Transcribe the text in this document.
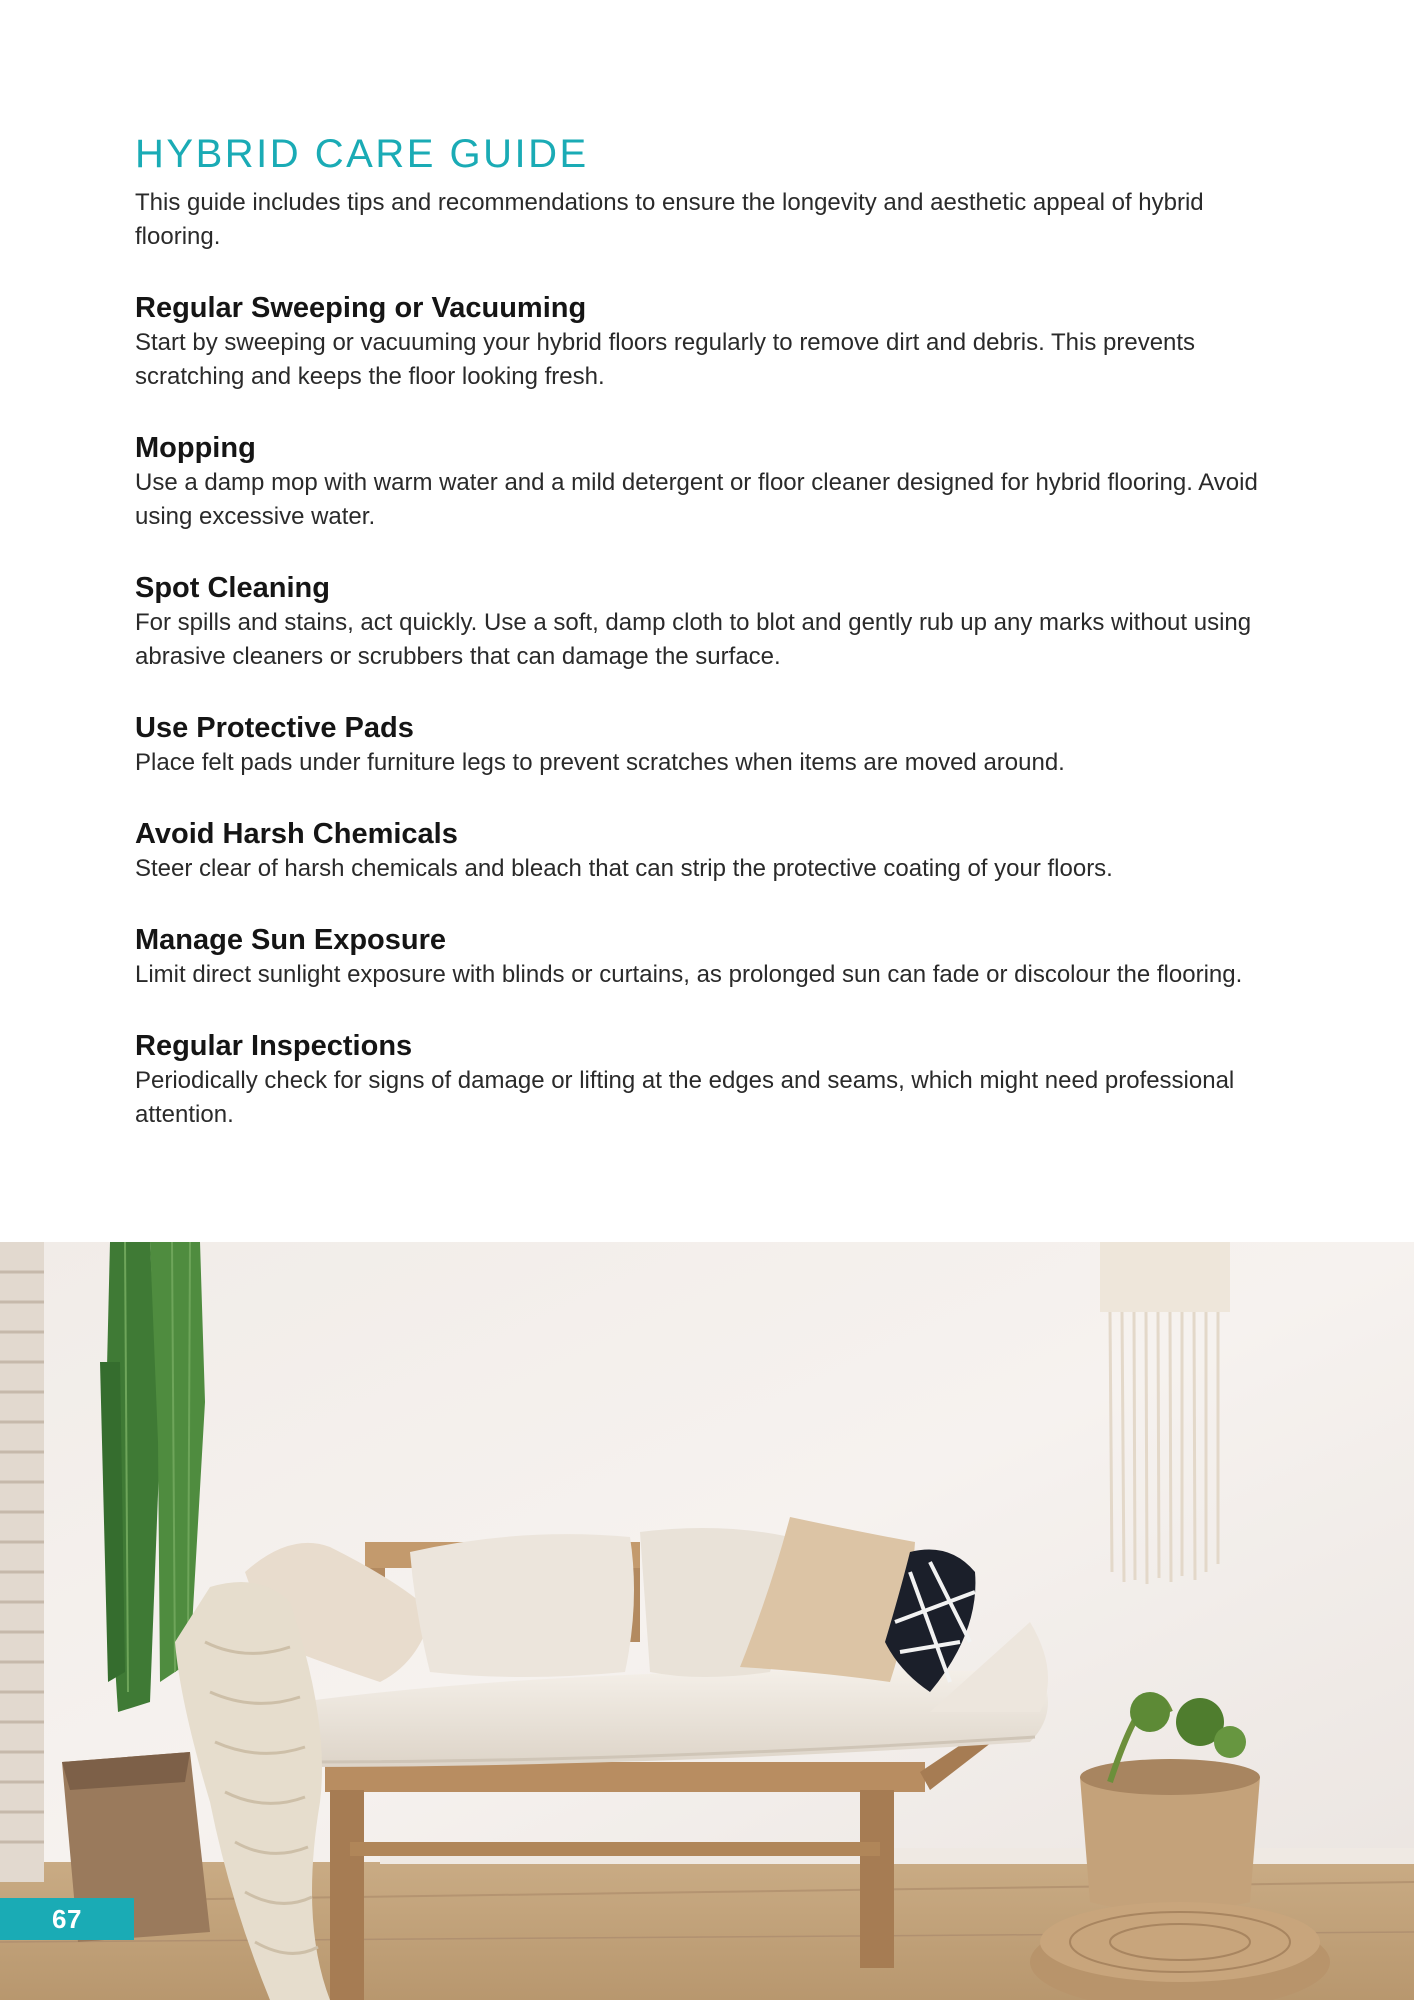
HYBRID CARE GUIDE

This guide includes tips and recommendations to ensure the longevity and aesthetic appeal of hybrid flooring.

Regular Sweeping or Vacuuming

Start by sweeping or vacuuming your hybrid floors regularly to remove dirt and debris. This prevents scratching and keeps the floor looking fresh.

Mopping

Use a damp mop with warm water and a mild detergent or floor cleaner designed for hybrid flooring. Avoid using excessive water.

Spot Cleaning

For spills and stains, act quickly. Use a soft, damp cloth to blot and gently rub up any marks without using abrasive cleaners or scrubbers that can damage the surface.

Use Protective Pads

Place felt pads under furniture legs to prevent scratches when items are moved around.

Avoid Harsh Chemicals

Steer clear of harsh chemicals and bleach that can strip the protective coating of your floors.

Manage Sun Exposure

Limit direct sunlight exposure with blinds or curtains, as prolonged sun can fade or discolour the flooring.

Regular Inspections

Periodically check for signs of damage or lifting at the edges and seams, which might need professional attention.

67
